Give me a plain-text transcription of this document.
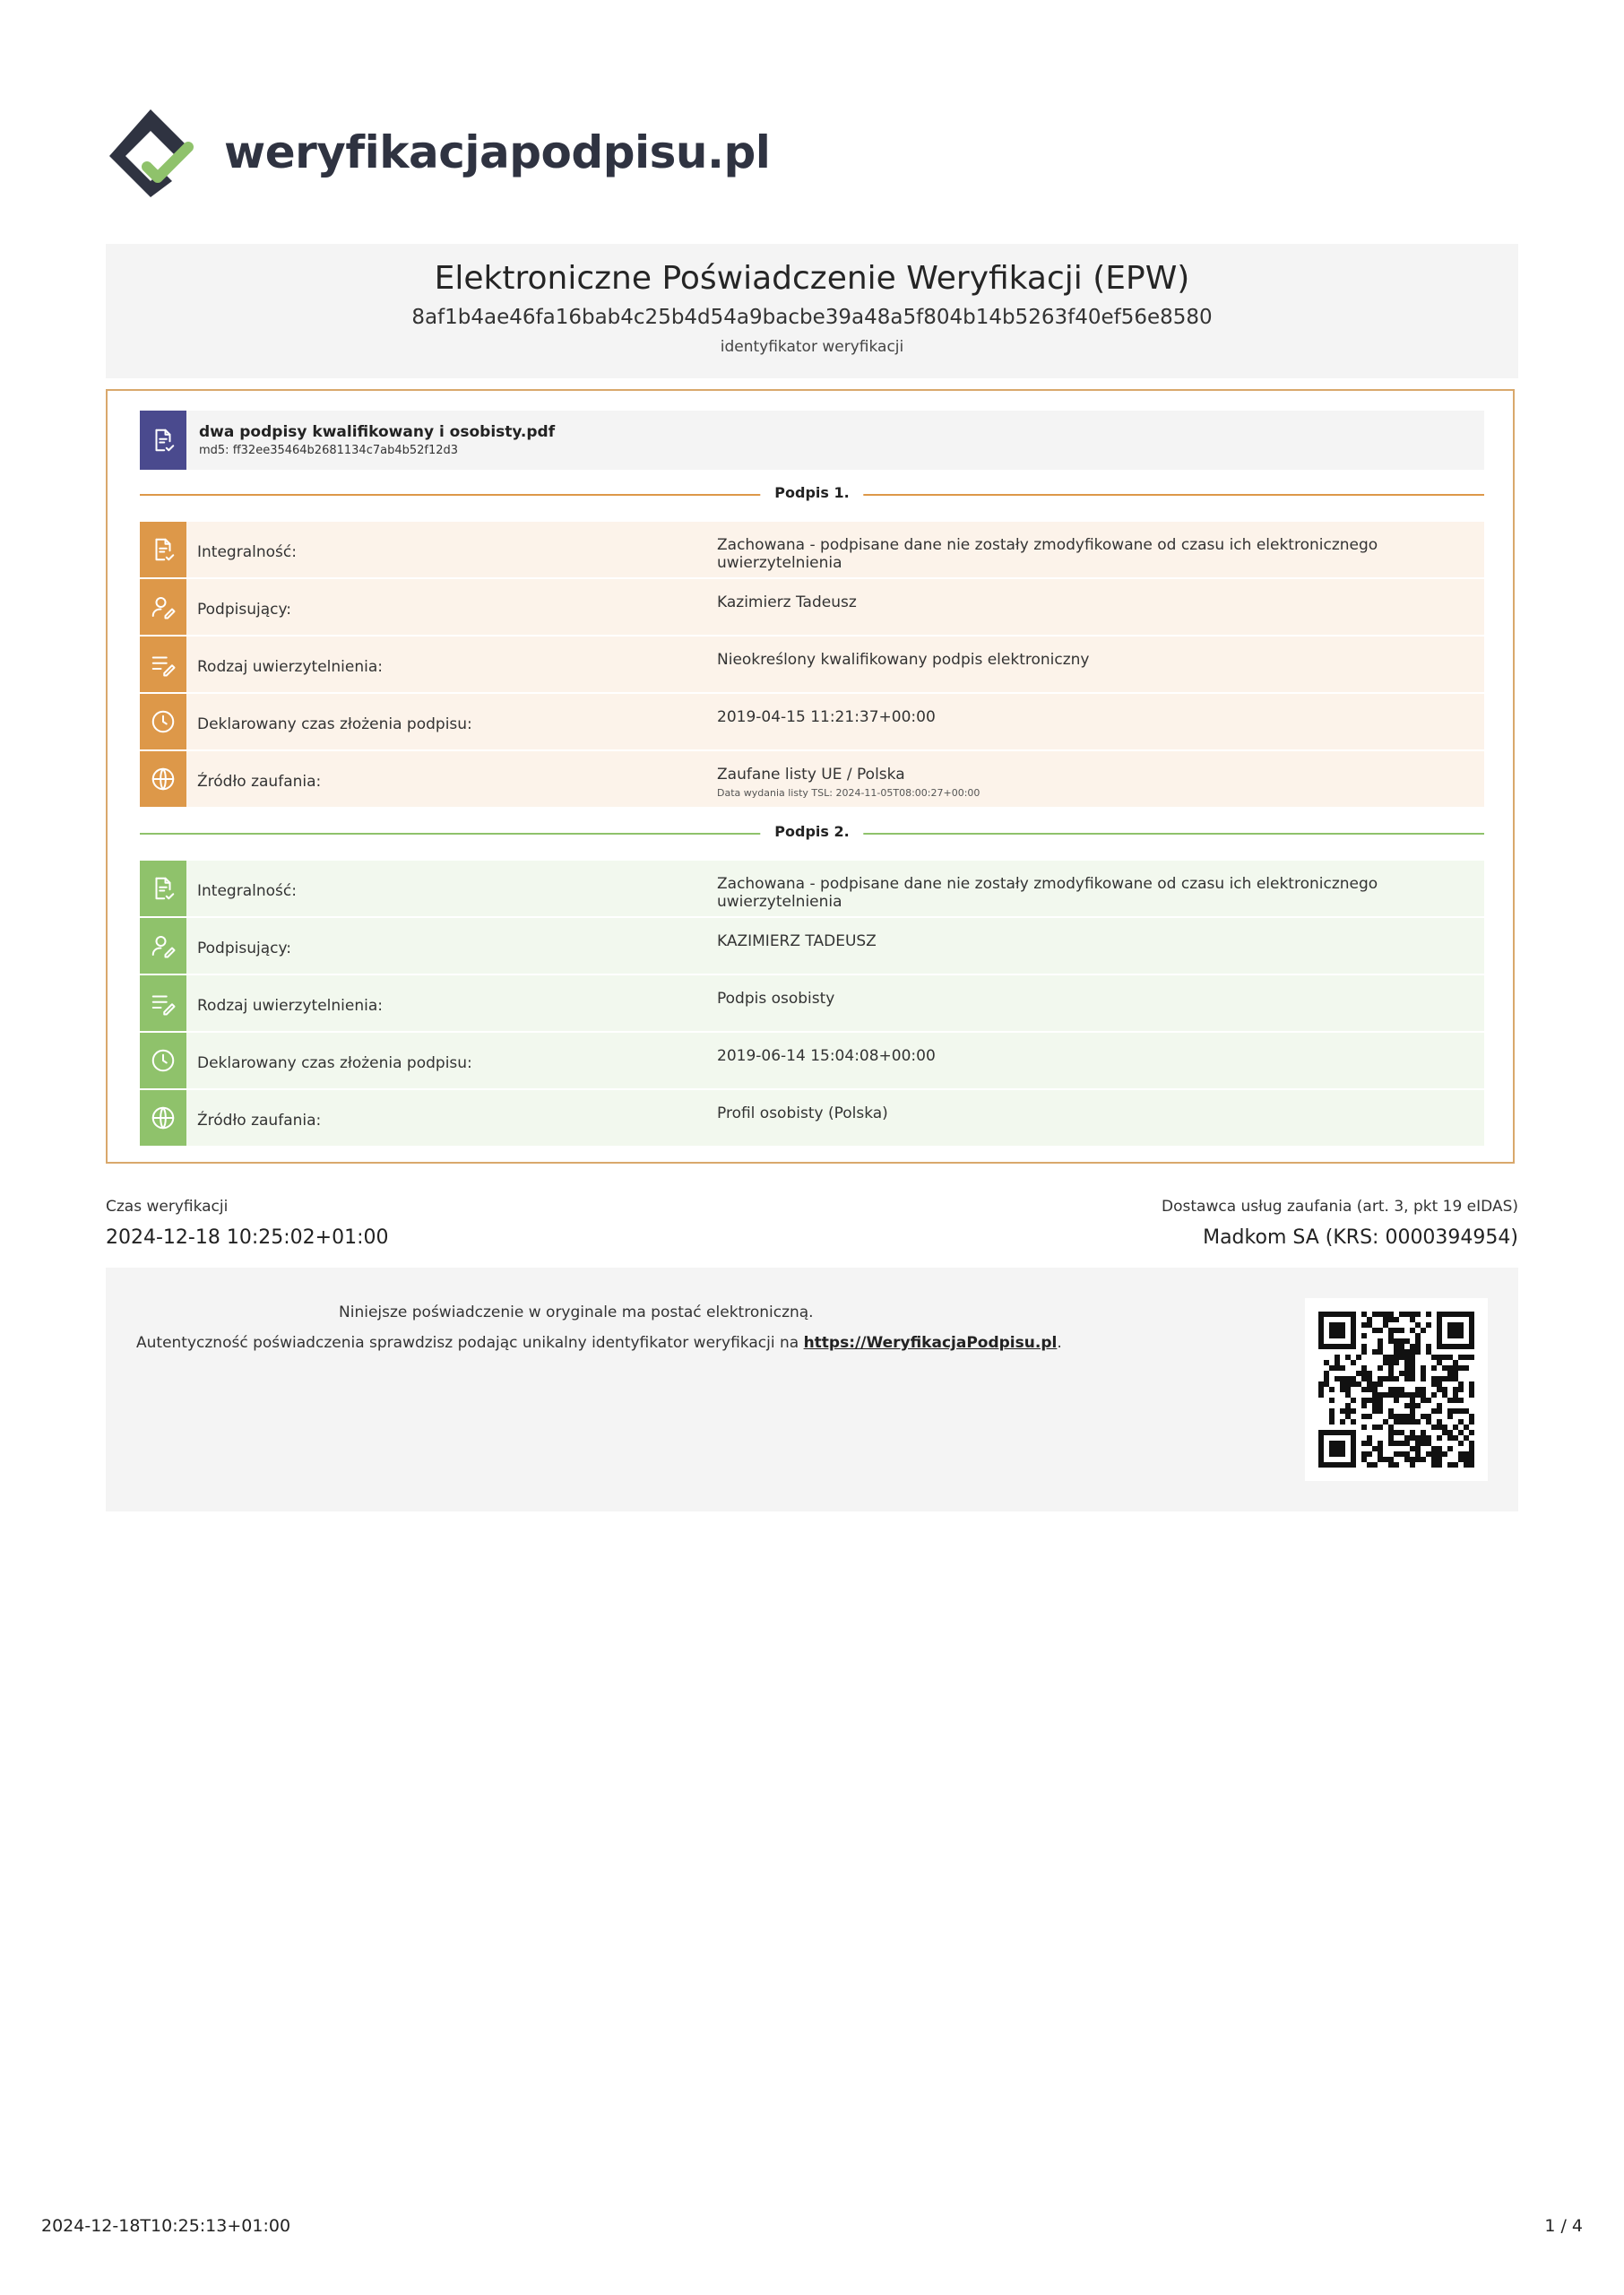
weryfikacjapodpisu.pl
Elektroniczne Poświadczenie Weryfikacji (EPW)
8af1b4ae46fa16bab4c25b4d54a9bacbe39a48a5f804b14b5263f40ef56e8580
identyfikator weryfikacji
dwa podpisy kwalifikowany i osobisty.pdf
md5: ff32ee35464b2681134c7ab4b52f12d3
Podpis 1.
Integralność:	Zachowana - podpisane dane nie zostały zmodyfikowane od czasu ich elektronicznego uwierzytelnienia
Podpisujący:	Kazimierz Tadeusz
Rodzaj uwierzytelnienia:	Nieokreślony kwalifikowany podpis elektroniczny
Deklarowany czas złożenia podpisu:	2019-04-15 11:21:37+00:00
Źródło zaufania:	Zaufane listy UE / Polska
Data wydania listy TSL: 2024-11-05T08:00:27+00:00
Podpis 2.
Integralność:	Zachowana - podpisane dane nie zostały zmodyfikowane od czasu ich elektronicznego uwierzytelnienia
Podpisujący:	KAZIMIERZ TADEUSZ
Rodzaj uwierzytelnienia:	Podpis osobisty
Deklarowany czas złożenia podpisu:	2019-06-14 15:04:08+00:00
Źródło zaufania:	Profil osobisty (Polska)
Czas weryfikacji
2024-12-18 10:25:02+01:00
Dostawca usług zaufania (art. 3, pkt 19 eIDAS)
Madkom SA (KRS: 0000394954)
Niniejsze poświadczenie w oryginale ma postać elektroniczną.
Autentyczność poświadczenia sprawdzisz podając unikalny identyfikator weryfikacji na https://WeryfikacjaPodpisu.pl.
2024-12-18T10:25:13+01:00	1 / 4
